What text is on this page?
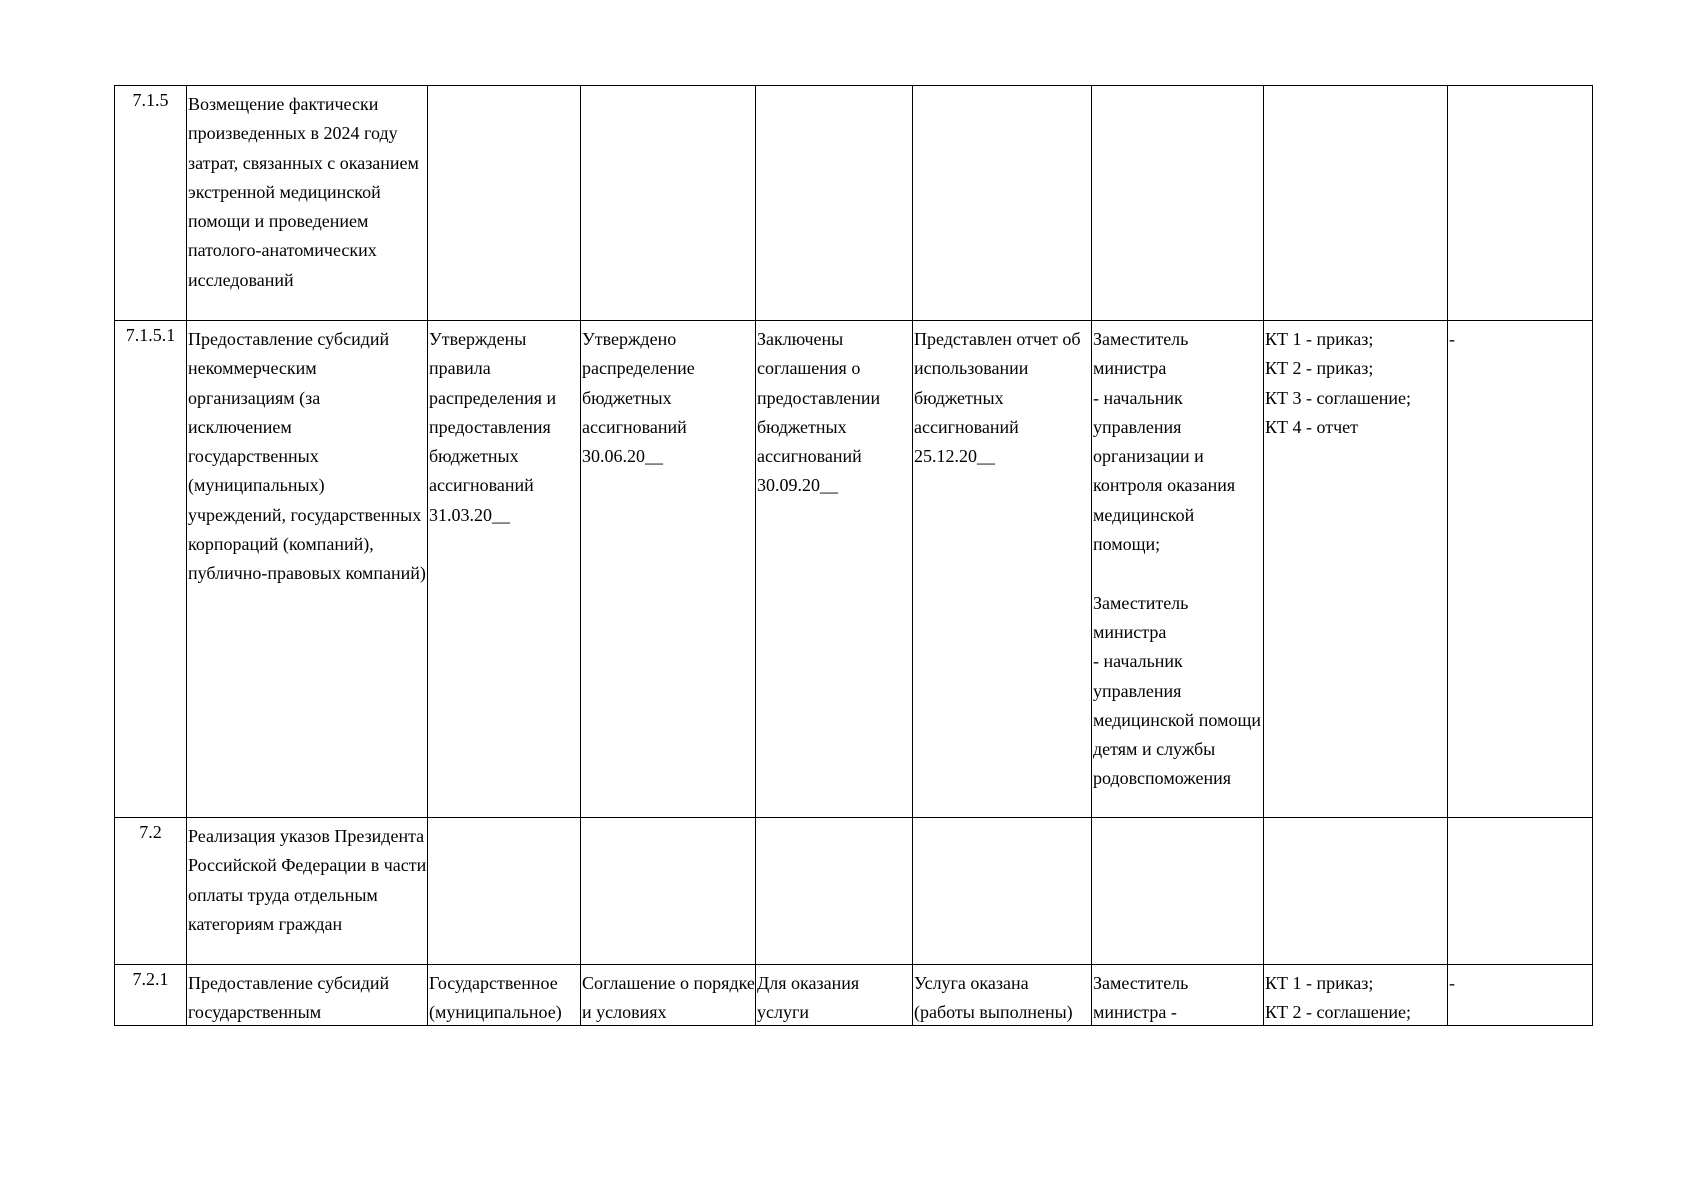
7.1.5	Возмещение фактически произведенных в 2024 году затрат, связанных с оказанием экстренной медицинской помощи и проведением патолого-анатомических исследований							

7.1.5.1	Предоставление субсидий некоммерческим организациям (за исключением государственных (муниципальных) учреждений, государственных корпораций (компаний), публично-правовых компаний)	Утверждены правила распределения и предоставления бюджетных ассигнований 31.03.20__	Утверждено распределение бюджетных ассигнований 30.06.20__	Заключены соглашения о предоставлении бюджетных ассигнований 30.09.20__	Представлен отчет об использовании бюджетных ассигнований 25.12.20__	Заместитель министра
- начальник управления организации и контроля оказания медицинской помощи;

Заместитель министра
- начальник управления медицинской помощи детям и службы родовспоможения	КТ 1 - приказ;
КТ 2 - приказ;
КТ 3 - соглашение;
КТ 4 - отчет	-

7.2	Реализация указов Президента Российской Федерации в части оплаты труда отдельным категориям граждан							

7.2.1	Предоставление субсидий государственным	Государственное (муниципальное)	Соглашение о порядке и условиях	Для оказания услуги	Услуга оказана (работы выполнены)	Заместитель министра -	КТ 1 - приказ;
КТ 2 - соглашение;	-
